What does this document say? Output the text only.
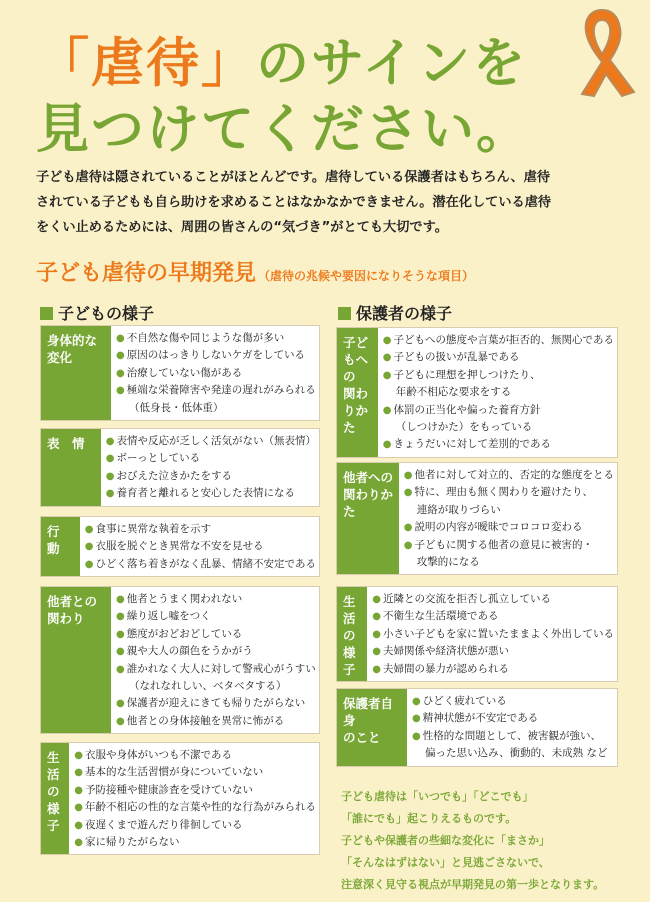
「虐待」のサインを
見つけてください。
子ども虐待は隠されていることがほとんどです。虐待している保護者はもちろん、虐待
されている子どもも自ら助けを求めることはなかなかできません。潜在化している虐待
をくい止めるためには、周囲の皆さんの“気づき”がとても大切です。
子ども虐待の早期発見 （虐待の兆候や要因になりそうな項目）
子どもの様子	保護者の様子
身体的な
変化
● 不自然な傷や同じような傷が多い
● 原因のはっきりしないケガをしている
● 治療していない傷がある
● 極端な栄養障害や発達の遅れがみられる
（低身長・低体重）
表　情	● 表情や反応が乏しく活気がない（無表情）
● ボーっとしている
● おびえた泣きかたをする
● 養育者と離れると安心した表情になる
行　動
● 食事に異常な執着を示す
● 衣服を脱ぐとき異常な不安を見せる
● ひどく落ち着きがなく乱暴、情緒不安定である
他者との
関わり
● 他者とうまく関われない
● 繰り返し嘘をつく
● 態度がおどおどしている
● 親や大人の顔色をうかがう
● 誰かれなく大人に対して警戒心がうすい
（なれなれしい、ベタベタする）
● 保護者が迎えにきても帰りたがらない
● 他者との身体接触を異常に怖がる
生活の
様子
● 衣服や身体がいつも不潔である
● 基本的な生活習慣が身についていない
● 予防接種や健康診査を受けていない
● 年齢不相応の性的な言葉や性的な行為がみられる
● 夜遅くまで遊んだり徘徊している
● 家に帰りたがらない
子どもへの
関わりかた
● 子どもへの態度や言葉が拒否的、無関心である
● 子どもの扱いが乱暴である
● 子どもに理想を押しつけたり、
年齢不相応な要求をする
● 体罰の正当化や偏った養育方針
（しつけかた）をもっている
● きょうだいに対して差別的である
他者への
関わりかた
● 他者に対して対立的、否定的な態度をとる
● 特に、理由も無く関わりを避けたり、
連絡が取りづらい
● 説明の内容が曖昧でコロコロ変わる
● 子どもに関する他者の意見に被害的・
攻撃的になる
生活の様子
● 近隣との交流を拒否し孤立している
● 不衛生な生活環境である
● 小さい子どもを家に置いたままよく外出している
● 夫婦関係や経済状態が悪い
● 夫婦間の暴力が認められる
保護者自身
のこと
● ひどく疲れている
● 精神状態が不安定である
● 性格的な問題として、被害観が強い、
偏った思い込み、衝動的、未成熟 など
子ども虐待は「いつでも」「どこでも」
「誰にでも」起こりえるものです。
子どもや保護者の些細な変化に「まさか」
「そんなはずはない」と見逃ごさないで、
注意深く見守る視点が早期発見の第一歩となります。
